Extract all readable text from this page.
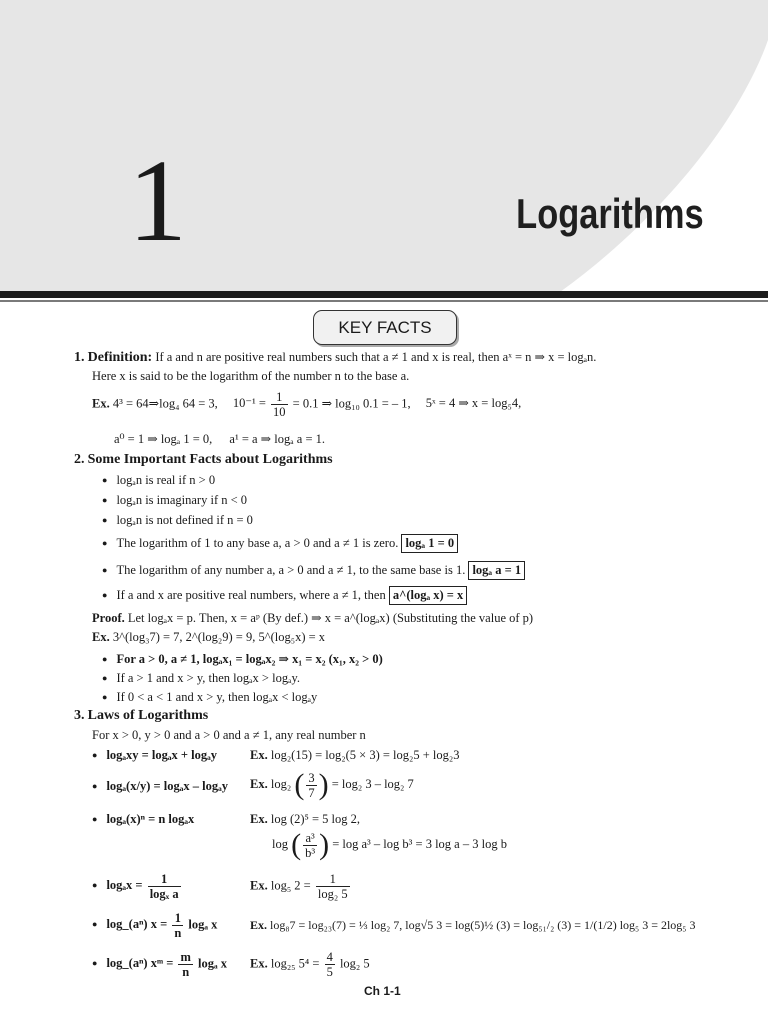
1	Logarithms
KEY FACTS
1. Definition: If a and n are positive real numbers such that a ≠ 1 and x is real, then aˣ = n ⇒ x = logₐn.
Here x is said to be the logarithm of the number n to the base a.
Ex. 4³ = 64⇒log₄ 64 = 3, $10^{-1} = \frac{1}{10} = 0.1$ ⇒ log₁₀ 0.1 = – 1, 5ˣ = 4 ⇒ x = log₅4,
a⁰ = 1 ⇒ logₐ 1 = 0, a¹ = a ⇒ logₐ a = 1.
2. Some Important Facts about Logarithms
● logₐn is real if n > 0
● logₐn is imaginary if n < 0
● logₐn is not defined if n = 0
● The logarithm of 1 to any base a, a > 0 and a ≠ 1 is zero. logₐ 1 = 0
● The logarithm of any number a, a > 0 and a ≠ 1, to the same base is 1. logₐ a = 1
● If a and x are positive real numbers, where a ≠ 1, then a^(logₐ x) = x
Proof. Let logₐx = p. Then, x = aᵖ (By def.) ⇒ x = a^(logₐx) (Substituting the value of p)
Ex. 3^(log₃7) = 7, 2^(log₂9) = 9, 5^(log₅x) = x
● For a > 0, a ≠ 1, logₐx₁ = logₐx₂ ⇒ x₁ = x₂ (x₁, x₂ > 0)
● If a > 1 and x > y, then logₐx > logₐy.
● If 0 < a < 1 and x > y, then logₐx < logₐy
3. Laws of Logarithms
For x > 0, y > 0 and a > 0 and a ≠ 1, any real number n
● logₐxy = logₐx + logₐy	Ex. log₂(15) = log₂(5 × 3) = log₂5 + log₂3
● logₐ(x/y) = logₐx – logₐy Ex. log₂ ( $\frac{3}{7}$ ) = log₂ 3 – log₂ 7
● logₐ(x)ⁿ = n logₐx	Ex. log (2)⁵ = 5 log 2,
log ( $\frac{\text{a³}}{\text{b³}}$ ) = log a³ – log b³ = 3 log a – 3 log b
● $\log_ax = \frac{1}{\text{logₓ a}}$	Ex. log₅ $2 = \frac{1}{\text{log₂ 5}}$
● log_(aⁿ) $x = \frac{1}{n}$ logₐ x	Ex. log₈7 = log₂₃(7) = ⅓ log₂ 7, log√5 3 = log(5)½ (3) = log₅₁/₂ (3) = 1/(1/2) log₅ 3 = 2log₅ 3
● log_(aⁿ) xᵐ = $\frac{m}{n}$ logₐ x Ex. log₂₅ $5^4 = \frac{4}{5} \log_2$ 5
Ch 1-1
